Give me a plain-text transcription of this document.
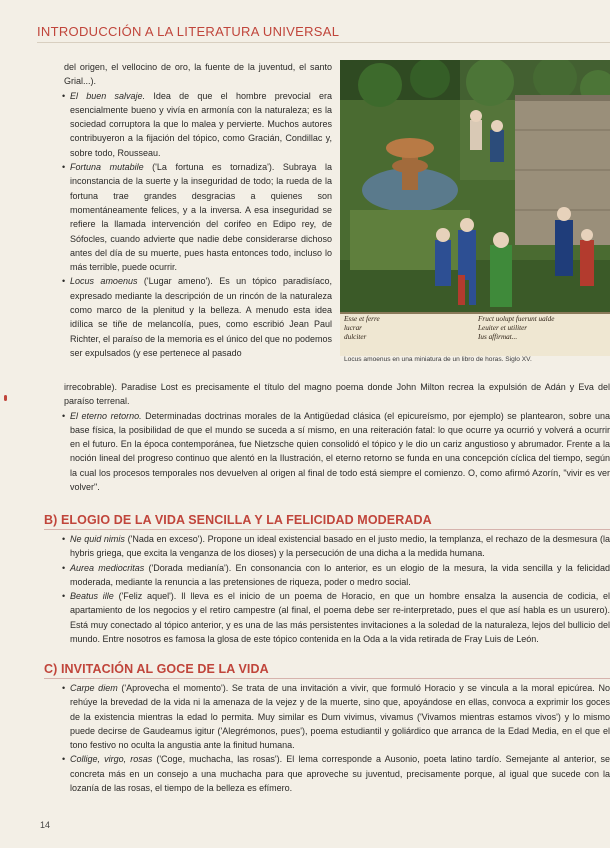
INTRODUCCIÓN A LA LITERATURA UNIVERSAL

del origen, el vellocino de oro, la fuente de la juventud, el santo Grial...).

• El buen salvaje. Idea de que el hombre prevocial era esencialmente bueno y vivía en armonía con la naturaleza; es la sociedad corruptora la que lo malea y pervierte. Muchos autores contribuyeron a la fijación del tópico, como Gracián, Condillac y, sobre todo, Rousseau.

• Fortuna mutabile ('La fortuna es tornadiza'). Subraya la inconstancia de la suerte y la inseguridad de todo; la rueda de la fortuna trae grandes desgracias a quienes son momentáneamente felices, y a la inversa. A esa inseguridad se refiere la llamada intervención del corifeo en Edipo rey, de Sófocles, cuando advierte que nadie debe considerarse dichoso antes del día de su muerte, pues hasta entonces todo, incluso lo más terrible, puede ocurrir.

• Locus amoenus ('Lugar ameno'). Es un tópico paradisíaco, expresado mediante la descripción de un rincón de la naturaleza como marco de la plenitud y la belleza. A menudo esta idea idílica se tiñe de melancolía, pues, como escribió Jean Paul Richter, el paraíso de la memoria es el único del que no podemos ser expulsados (y ese pertenece al pasado

Esse et ferre
lucrar
dulciter
Fruct uolupt fuerunt ualde
Leuiter et utiliter
Ius affirmat...
Locus amoenus en una miniatura de un libro de horas. Siglo XV.

irrecobrable). Paradise Lost es precisamente el título del magno poema donde John Milton recrea la expulsión de Adán y Eva del paraíso terrenal.

• El eterno retorno. Determinadas doctrinas morales de la Antigüedad clásica (el epicureísmo, por ejemplo) se plantearon, sobre una base física, la posibilidad de que el mundo se suceda a sí mismo, en una reiteración fatal: lo que ocurre ya ocurrió y volverá a ocurrir en el futuro. En la época contemporánea, fue Nietzsche quien consolidó el tópico y le dio un cariz angustioso y abrumador. Frente a la noción lineal del progreso continuo que alentó en la Ilustración, el eterno retorno se funda en una concepción cíclica del tiempo, según la cual los procesos temporales nos devuelven al origen al final de todo está siempre el comienzo. O, como afirmó Azorín, "vivir es ver volver".

B) ELOGIO DE LA VIDA SENCILLA Y LA FELICIDAD MODERADA

• Ne quid nimis ('Nada en exceso'). Propone un ideal existencial basado en el justo medio, la templanza, el rechazo de la desmesura (la hybris griega, que excita la venganza de los dioses) y la persecución de una dicha a la medida humana.

• Aurea mediocritas ('Dorada medianía'). En consonancia con lo anterior, es un elogio de la mesura, la vida sencilla y la felicidad moderada, mediante la renuncia a las pretensiones de riqueza, poder o medro social.

• Beatus ille ('Feliz aquel'). Il lleva es el inicio de un poema de Horacio, en que un hombre ensalza la ausencia de codicia, el apartamiento de los negocios y el retiro campestre (al final, el poema debe ser re-interpretado, pues el que así habla es un usurero). Está muy conectado al tópico anterior, y es una de las más persistentes invitaciones a la soledad de la naturaleza, lejos del bullicio del mundo. Entre nosotros es famosa la glosa de este tópico contenida en la Oda a la vida retirada de Fray Luis de León.

C) INVITACIÓN AL GOCE DE LA VIDA

• Carpe diem ('Aprovecha el momento'). Se trata de una invitación a vivir, que formuló Horacio y se vincula a la moral epicúrea. No rehúye la brevedad de la vida ni la amenaza de la vejez y de la muerte, sino que, apoyándose en ellas, convoca a exprimir los goces de la existencia mientras la edad lo permita. Muy similar es Dum vivimus, vivamus ('Vivamos mientras estamos vivos') y lo mismo puede decirse de Gaudeamus igitur ('Alegrémonos, pues'), poema estudiantil y goliárdico que arranca de la Edad Media, en el que el tono festivo no oculta la angustia ante la finitud humana.

• Collige, virgo, rosas ('Coge, muchacha, las rosas'). El lema corresponde a Ausonio, poeta latino tardío. Semejante al anterior, se concreta más en un consejo a una muchacha para que aproveche su juventud, precisamente porque, al igual que sucede con la lozanía de las rosas, el tiempo de la belleza es efímero.

14
